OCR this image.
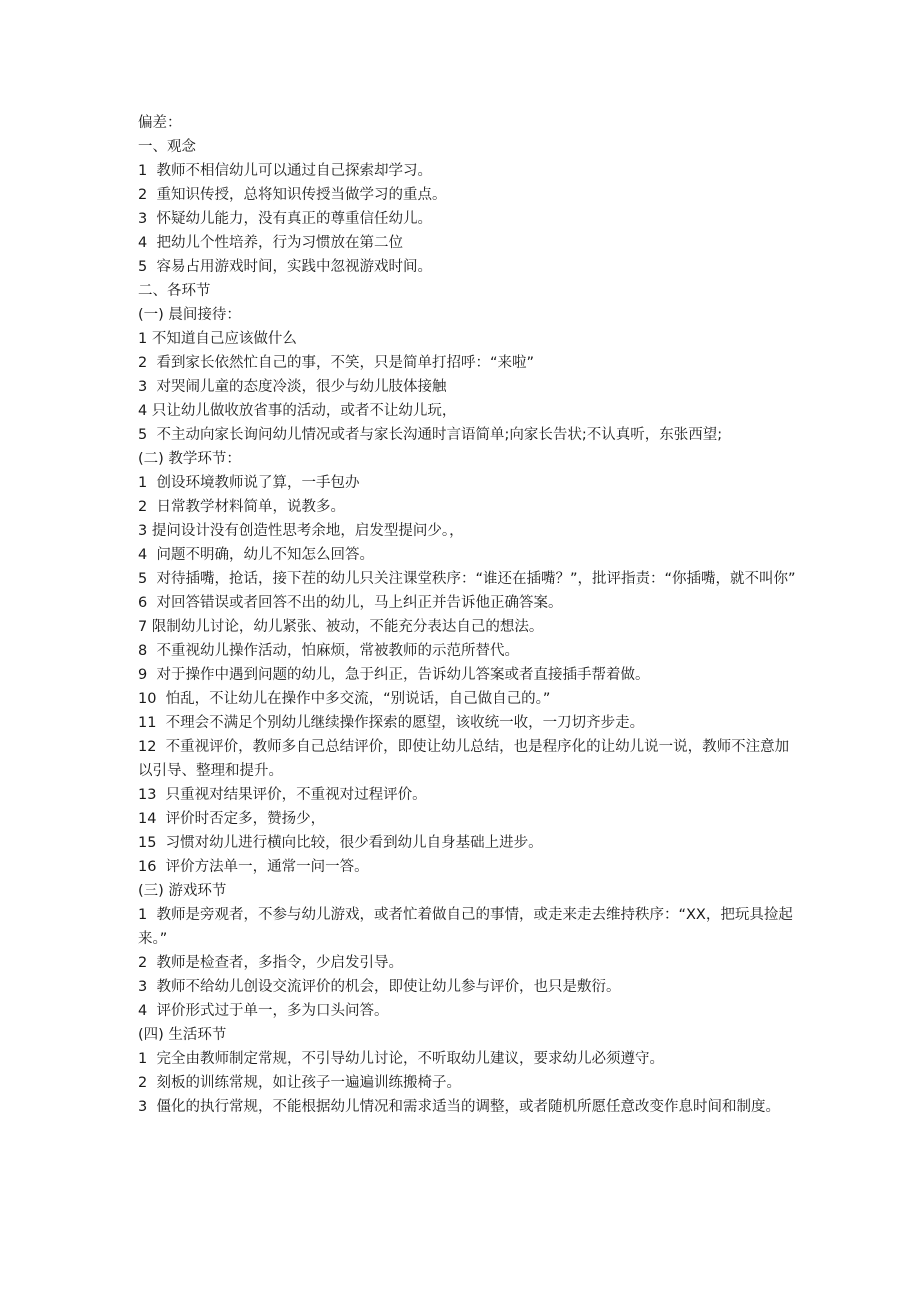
偏差：

一、观念

1  教师不相信幼儿可以通过自己探索却学习。

2  重知识传授，总将知识传授当做学习的重点。

3  怀疑幼儿能力，没有真正的尊重信任幼儿。

4  把幼儿个性培养，行为习惯放在第二位

5  容易占用游戏时间，实践中忽视游戏时间。

二、各环节

(一) 晨间接待：

1 不知道自己应该做什么

2  看到家长依然忙自己的事，不笑，只是简单打招呼：“来啦”

3  对哭闹儿童的态度冷淡，很少与幼儿肢体接触

4 只让幼儿做收放省事的活动，或者不让幼儿玩，

5  不主动向家长询问幼儿情况或者与家长沟通时言语简单;向家长告状;不认真听，东张西望;

(二) 教学环节：

1  创设环境教师说了算，一手包办

2  日常教学材料简单，说教多。

3 提问设计没有创造性思考余地，启发型提问少。，

4  问题不明确，幼儿不知怎么回答。

5  对待插嘴，抢话，接下茬的幼儿只关注课堂秩序：“谁还在插嘴？”，批评指责：“你插嘴，就不叫你”

6  对回答错误或者回答不出的幼儿，马上纠正并告诉他正确答案。

7 限制幼儿讨论，幼儿紧张、被动，不能充分表达自己的想法。

8  不重视幼儿操作活动，怕麻烦，常被教师的示范所替代。

9  对于操作中遇到问题的幼儿，急于纠正，告诉幼儿答案或者直接插手帮着做。

10  怕乱，不让幼儿在操作中多交流，“别说话，自己做自己的。”

11  不理会不满足个别幼儿继续操作探索的愿望，该收统一收，一刀切齐步走。

12  不重视评价，教师多自己总结评价，即使让幼儿总结，也是程序化的让幼儿说一说，教师不注意加以引导、整理和提升。

13  只重视对结果评价，不重视对过程评价。

14  评价时否定多，赞扬少，

15  习惯对幼儿进行横向比较，很少看到幼儿自身基础上进步。

16  评价方法单一，通常一问一答。

(三) 游戏环节

1  教师是旁观者，不参与幼儿游戏，或者忙着做自己的事情，或走来走去维持秩序：“XX，把玩具捡起来。”

2  教师是检查者，多指令，少启发引导。

3  教师不给幼儿创设交流评价的机会，即使让幼儿参与评价，也只是敷衍。

4  评价形式过于单一，多为口头问答。

(四) 生活环节

1  完全由教师制定常规，不引导幼儿讨论，不听取幼儿建议，要求幼儿必须遵守。

2  刻板的训练常规，如让孩子一遍遍训练搬椅子。

3  僵化的执行常规，不能根据幼儿情况和需求适当的调整，或者随机所愿任意改变作息时间和制度。
